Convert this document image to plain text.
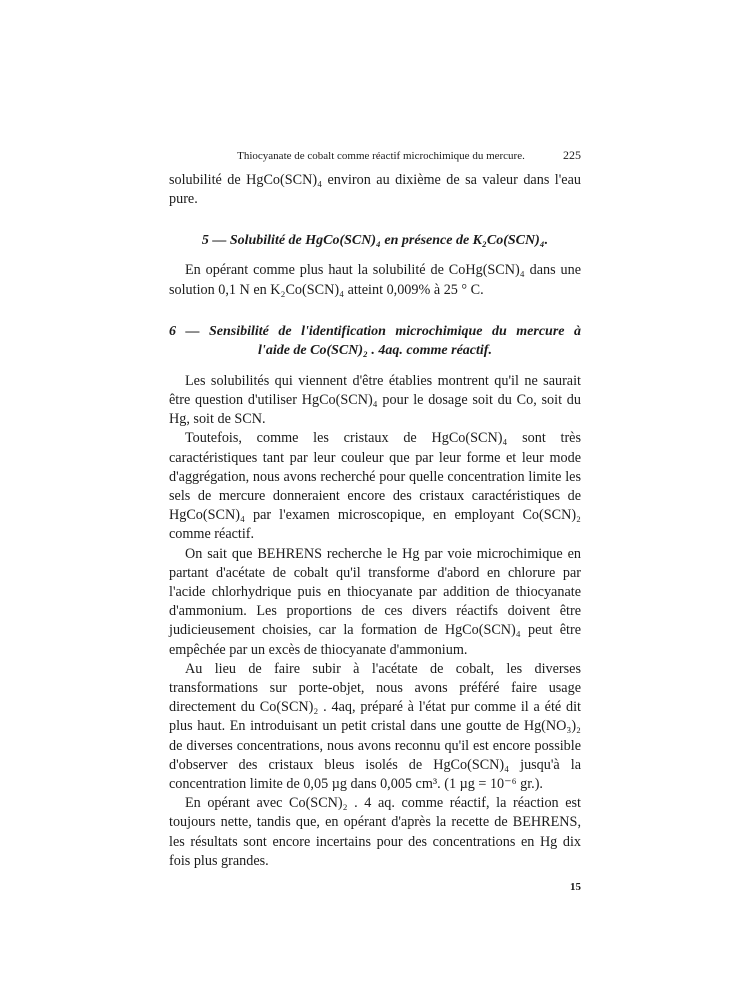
Thiocyanate de cobalt comme réactif microchimique du mercure.	225

solubilité de HgCo(SCN)₄ environ au dixième de sa valeur dans l'eau pure.

5 — Solubilité de HgCo(SCN)₄ en présence de K₂Co(SCN)₄.

En opérant comme plus haut la solubilité de CoHg(SCN)₄ dans une solution 0,1 N en K₂Co(SCN)₄ atteint 0,009% à 25 ° C.

6 — Sensibilité de l'identification microchimique du mercure à
l'aide de Co(SCN)₂ . 4aq. comme réactif.

Les solubilités qui viennent d'être établies montrent qu'il ne saurait être question d'utiliser HgCo(SCN)₄ pour le dosage soit du Co, soit du Hg, soit de SCN.

Toutefois, comme les cristaux de HgCo(SCN)₄ sont très caractéristiques tant par leur couleur que par leur forme et leur mode d'aggrégation, nous avons recherché pour quelle concentration limite les sels de mercure donneraient encore des cristaux caractéristiques de HgCo(SCN)₄ par l'examen microscopique, en employant Co(SCN)₂ comme réactif.

On sait que BEHRENS recherche le Hg par voie microchimique en partant d'acétate de cobalt qu'il transforme d'abord en chlorure par l'acide chlorhydrique puis en thiocyanate par addition de thiocyanate d'ammonium. Les proportions de ces divers réactifs doivent être judicieusement choisies, car la formation de HgCo(SCN)₄ peut être empêchée par un excès de thiocyanate d'ammonium.

Au lieu de faire subir à l'acétate de cobalt, les diverses transformations sur porte-objet, nous avons préféré faire usage directement du Co(SCN)₂ . 4aq, préparé à l'état pur comme il a été dit plus haut. En introduisant un petit cristal dans une goutte de Hg(NO₃)₂ de diverses concentrations, nous avons reconnu qu'il est encore possible d'observer des cristaux bleus isolés de HgCo(SCN)₄ jusqu'à la concentration limite de 0,05 µg dans 0,005 cm³. (1 µg = 10⁻⁶ gr.).

En opérant avec Co(SCN)₂ . 4 aq. comme réactif, la réaction est toujours nette, tandis que, en opérant d'après la recette de BEHRENS, les résultats sont encore incertains pour des concentrations en Hg dix fois plus grandes.

15
